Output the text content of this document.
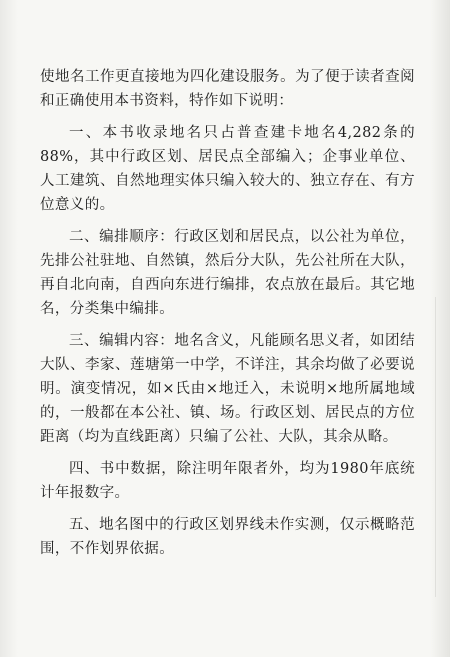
使地名工作更直接地为四化建设服务。为了便于读者查阅和正确使用本书资料，特作如下说明：

一、本书收录地名只占普查建卡地名4,282条的88%，其中行政区划、居民点全部编入；企事业单位、人工建筑、自然地理实体只编入较大的、独立存在、有方位意义的。

二、编排顺序：行政区划和居民点，以公社为单位，先排公社驻地、自然镇，然后分大队，先公社所在大队，再自北向南，自西向东进行编排，农点放在最后。其它地名，分类集中编排。

三、编辑内容：地名含义，凡能顾名思义者，如团结大队、李家、莲塘第一中学，不详注，其余均做了必要说明。演变情况，如×氏由×地迁入，未说明×地所属地域的，一般都在本公社、镇、场。行政区划、居民点的方位距离（均为直线距离）只编了公社、大队，其余从略。

四、书中数据，除注明年限者外，均为1980年底统计年报数字。

五、地名图中的行政区划界线未作实测，仅示概略范围，不作划界依据。
